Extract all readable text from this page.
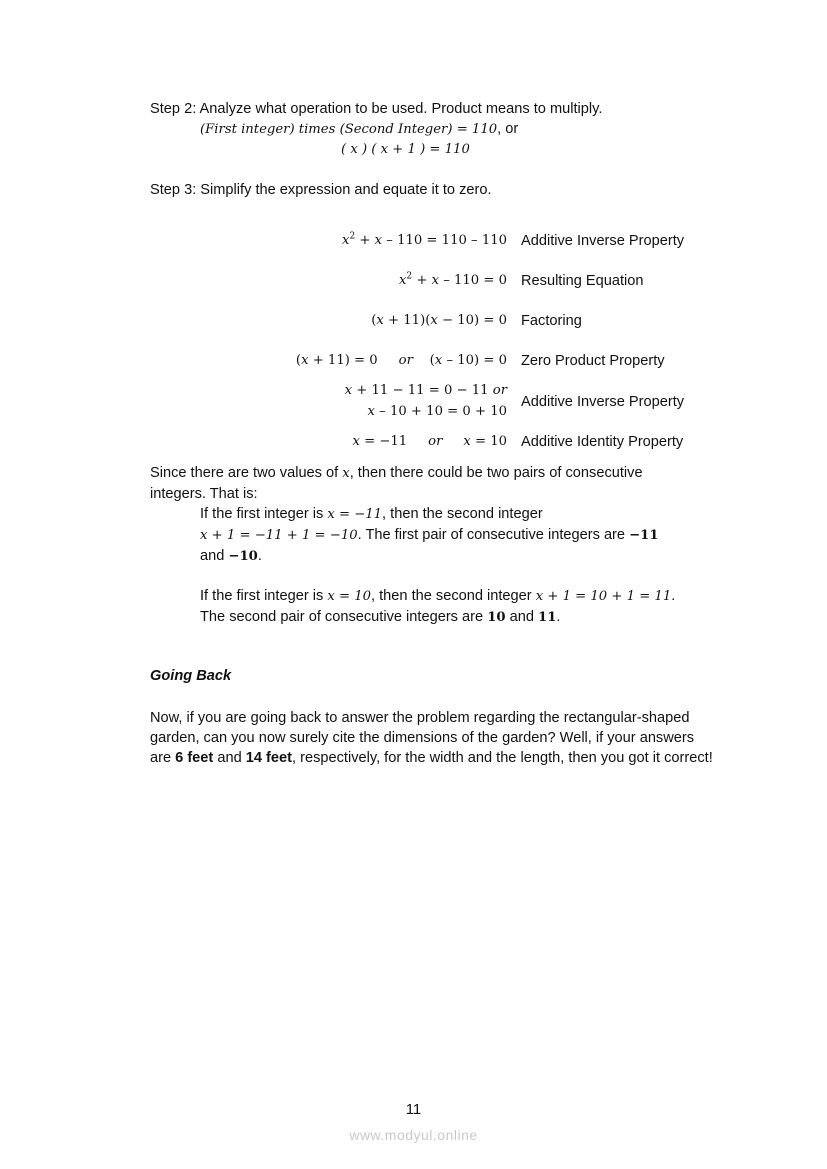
Step 2: Analyze what operation to be used. Product means to multiply.
(First integer) times (Second Integer) = 110, or
( x ) ( x + 1 ) = 110
Step 3: Simplify the expression and equate it to zero.
$x^2 + x - 110 = 110 - 110$ Additive Inverse Property
$x^2 + x - 110 = 0$ Resulting Equation
(x + 11)(x − 10) = 0 Factoring
(x + 11) = 0     or    (x – 10) = 0 Zero Product Property
x + 11 − 11 = 0 − 11 or
x – 10 + 10 = 0 + 10
Additive Inverse Property
x = −11     or x = 10 Additive Identity Property
Since there are two values of x, then there could be two pairs of consecutive
integers. That is:
If the first integer is x = −11, then the second integer
x + 1 = −11 + 1 = −10. The first pair of consecutive integers are −11
and −10.
If the first integer is x = 10, then the second integer x + 1 = 10 + 1 = 11.
The second pair of consecutive integers are 10 and 11.
Going Back
Now, if you are going back to answer the problem regarding the rectangular-shaped
garden, can you now surely cite the dimensions of the garden? Well, if your answers
are 6 feet and 14 feet, respectively, for the width and the length, then you got it correct!
11
www.modyul.online
